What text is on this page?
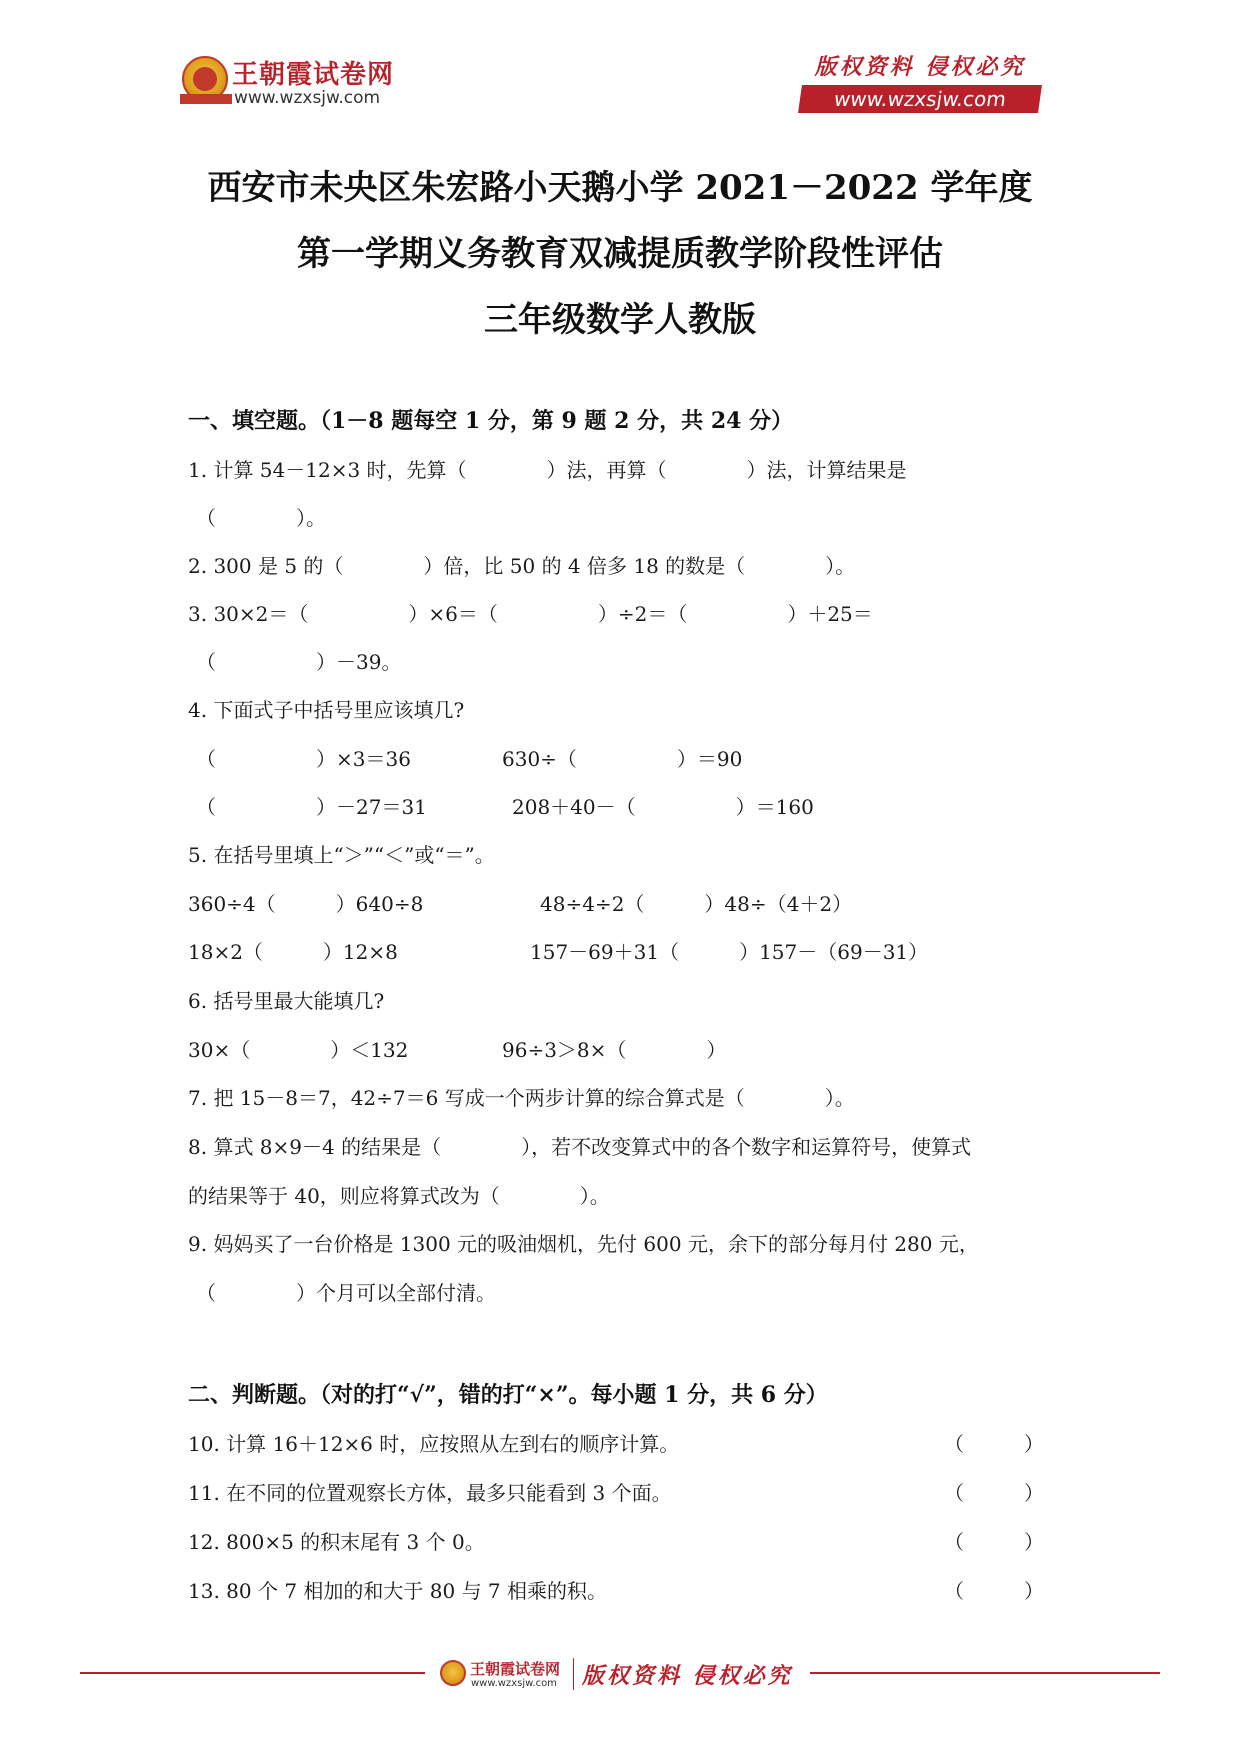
王朝霞试卷网
www.wzxsjw.com
版权资料 侵权必究
www.wzxsjw.com
西安市未央区朱宏路小天鹅小学 2021－2022 学年度
第一学期义务教育双减提质教学阶段性评估
三年级数学人教版
一、填空题。（1－8 题每空 1 分，第 9 题 2 分，共 24 分）
1. 计算 54－12×3 时，先算（　　　　）法，再算（　　　　）法，计算结果是
（　　　　）。
2. 300 是 5 的（　　　　）倍，比 50 的 4 倍多 18 的数是（　　　　）。
3. 30×2＝（　　　　　）×6＝（　　　　　）÷2＝（　　　　　）＋25＝
（　　　　　）－39。
4. 下面式子中括号里应该填几?
（　　　　　）×3＝36	630÷（　　　　　）＝90
（　　　　　）－27＝31	208＋40－（　　　　　）＝160
5. 在括号里填上“＞”“＜”或“＝”。
360÷4（　　　）640÷8	48÷4÷2（　　　）48÷（4＋2）
18×2（　　　）12×8	157－69＋31（　　　）157－（69－31）
6. 括号里最大能填几?
30×（　　　　）＜132	96÷3＞8×（　　　　）
7. 把 15－8＝7，42÷7＝6 写成一个两步计算的综合算式是（　　　　）。
8. 算式 8×9－4 的结果是（　　　　），若不改变算式中的各个数字和运算符号，使算式
的结果等于 40，则应将算式改为（　　　　）。
9. 妈妈买了一台价格是 1300 元的吸油烟机，先付 600 元，余下的部分每月付 280 元，
（　　　　）个月可以全部付清。
二、判断题。（对的打“√”，错的打“×”。每小题 1 分，共 6 分）
10. 计算 16＋12×6 时，应按照从左到右的顺序计算。	（　　　）
11. 在不同的位置观察长方体，最多只能看到 3 个面。	（　　　）
12. 800×5 的积末尾有 3 个 0。	（　　　）
13. 80 个 7 相加的和大于 80 与 7 相乘的积。	（　　　）
王朝霞试卷网
www.wzxsjw.com 版权资料 侵权必究
